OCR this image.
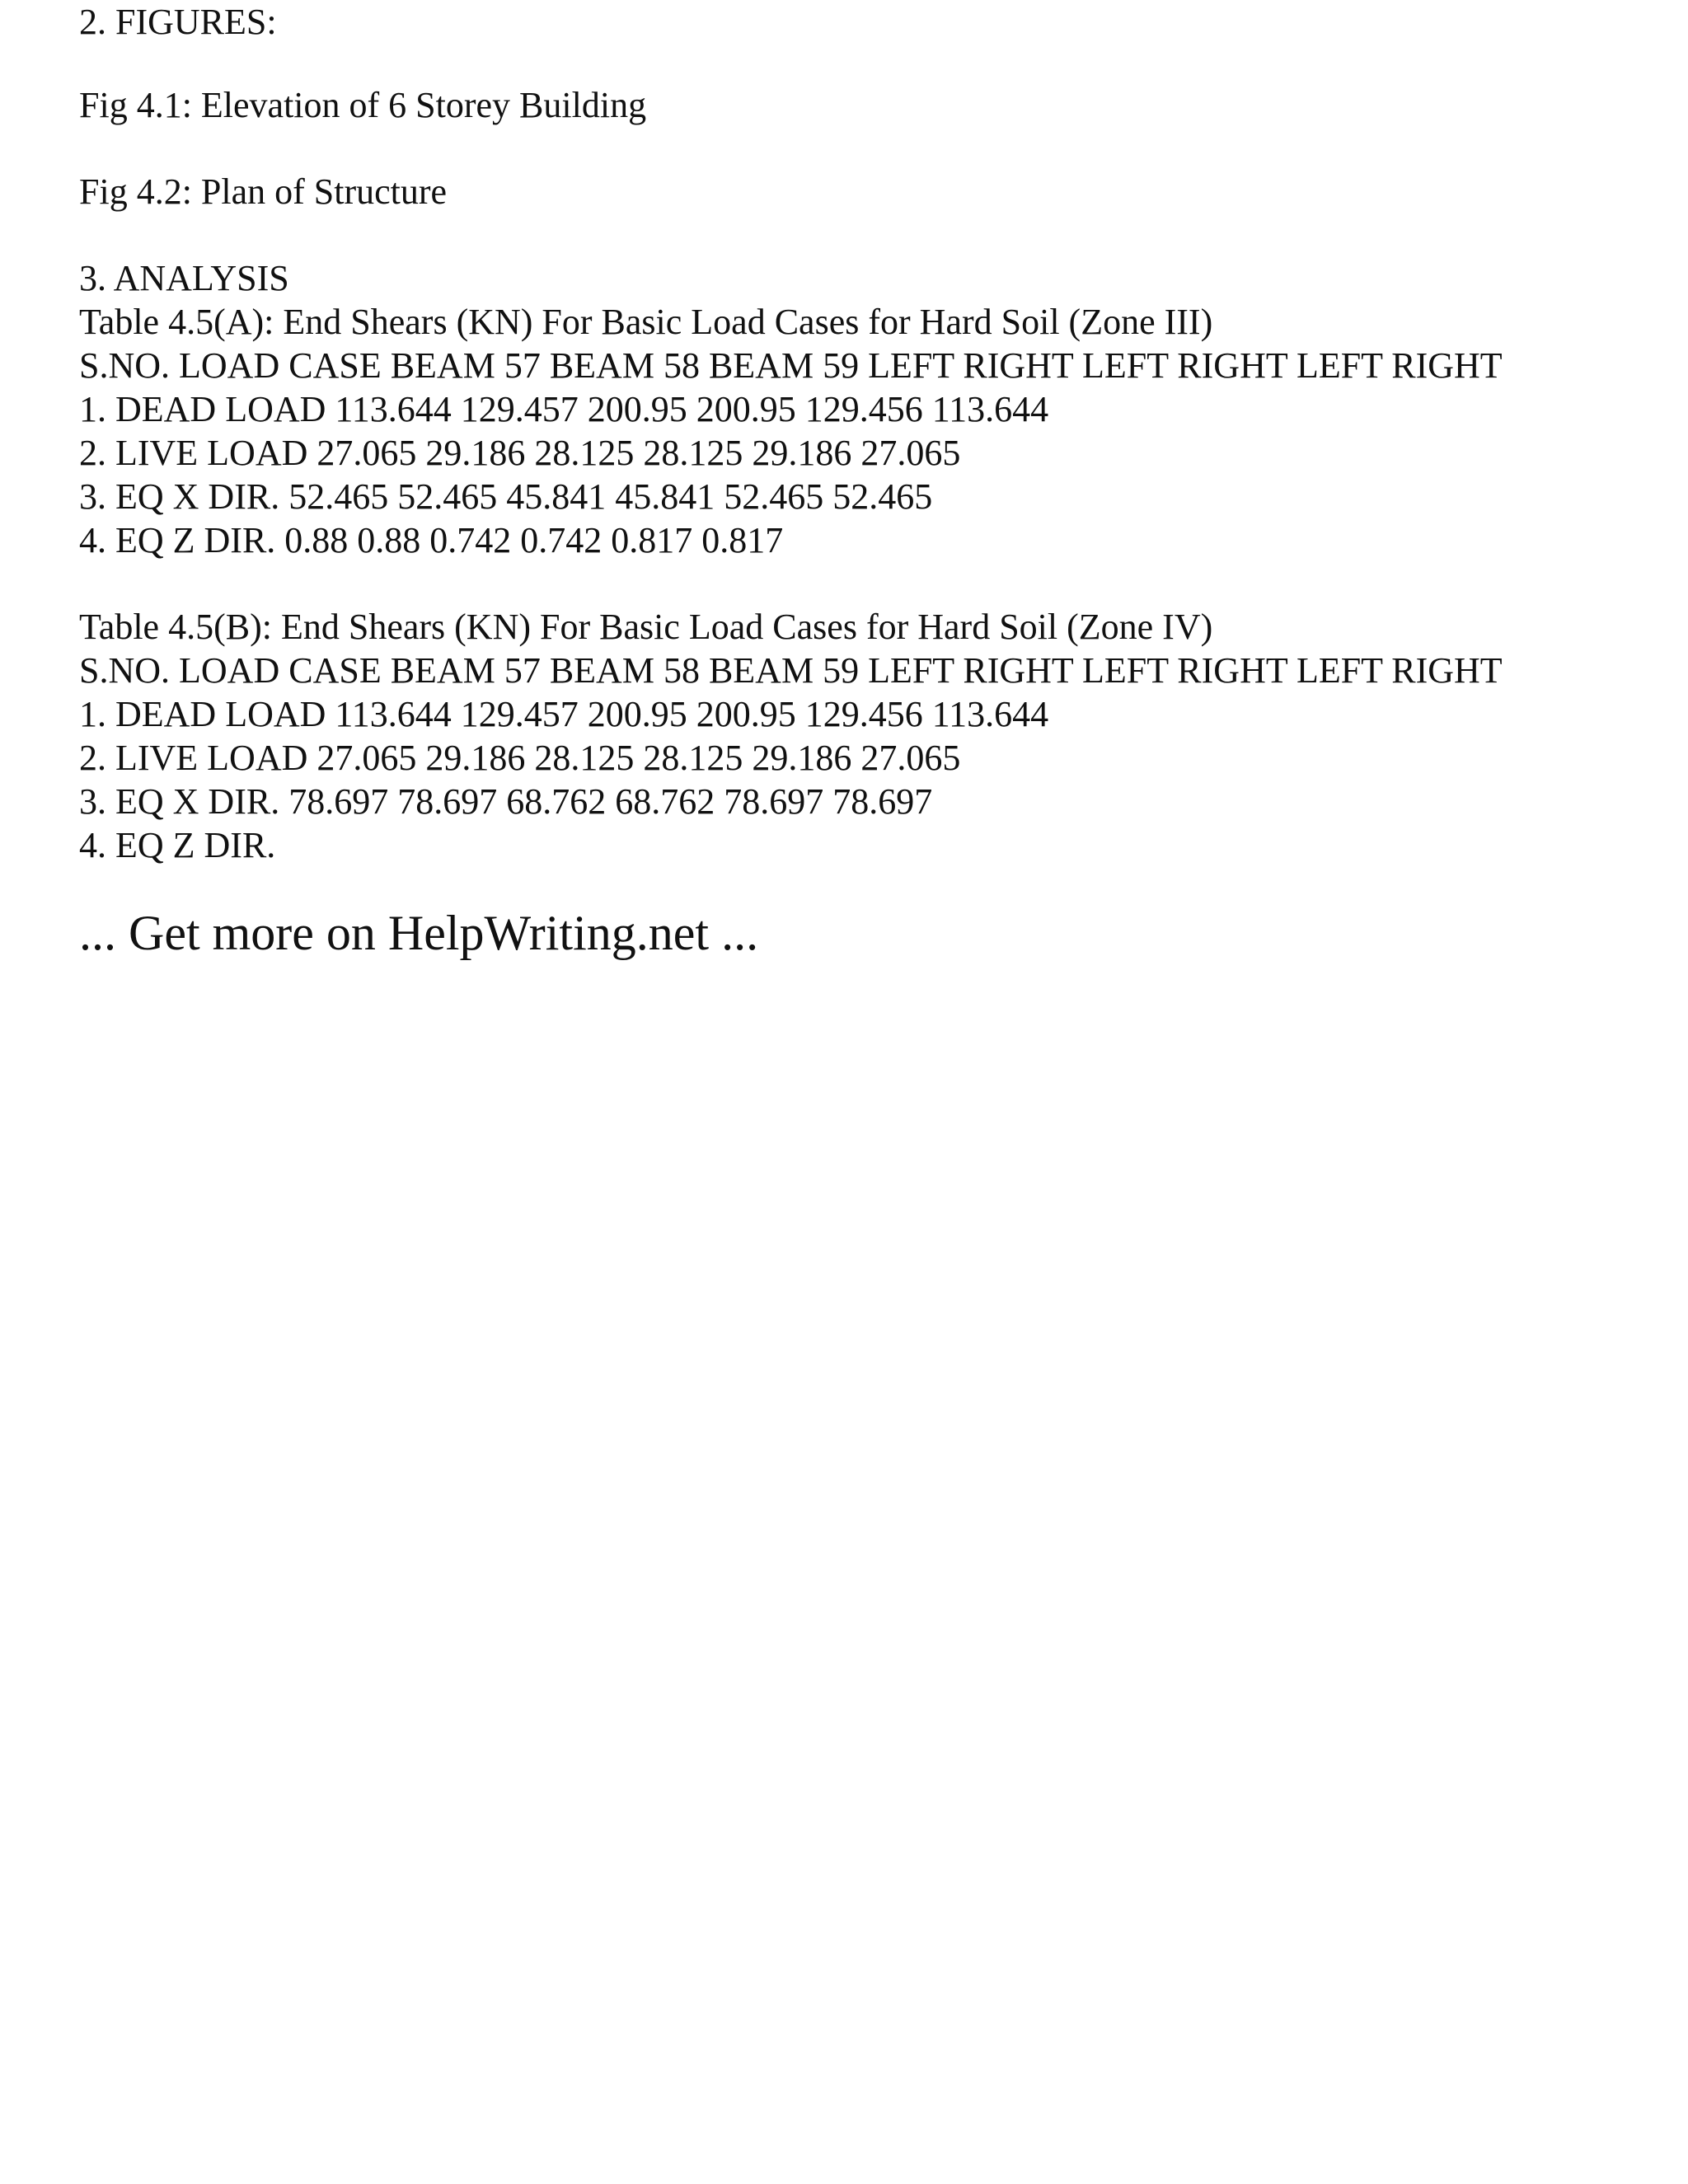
2. FIGURES:
Fig 4.1: Elevation of 6 Storey Building
Fig 4.2: Plan of Structure
3. ANALYSIS
Table 4.5(A): End Shears (KN) For Basic Load Cases for Hard Soil (Zone III)
S.NO. LOAD CASE BEAM 57 BEAM 58 BEAM 59 LEFT RIGHT LEFT RIGHT LEFT RIGHT
1. DEAD LOAD 113.644 129.457 200.95 200.95 129.456 113.644
2. LIVE LOAD 27.065 29.186 28.125 28.125 29.186 27.065
3. EQ X DIR. 52.465 52.465 45.841 45.841 52.465 52.465
4. EQ Z DIR. 0.88 0.88 0.742 0.742 0.817 0.817
Table 4.5(B): End Shears (KN) For Basic Load Cases for Hard Soil (Zone IV)
S.NO. LOAD CASE BEAM 57 BEAM 58 BEAM 59 LEFT RIGHT LEFT RIGHT LEFT RIGHT
1. DEAD LOAD 113.644 129.457 200.95 200.95 129.456 113.644
2. LIVE LOAD 27.065 29.186 28.125 28.125 29.186 27.065
3. EQ X DIR. 78.697 78.697 68.762 68.762 78.697 78.697
4. EQ Z DIR.
... Get more on HelpWriting.net ...
